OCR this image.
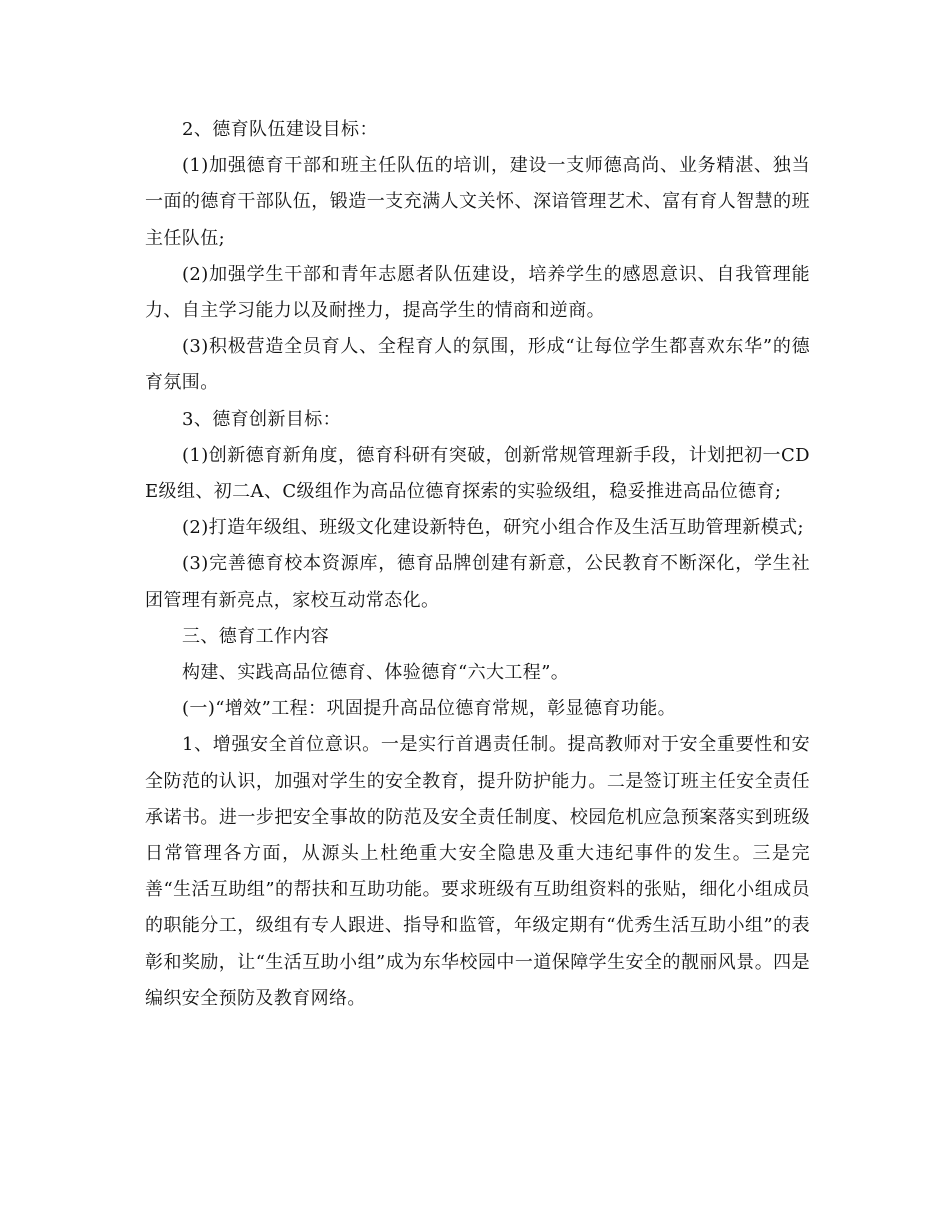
2、德育队伍建设目标：

(1)加强德育干部和班主任队伍的培训，建设一支师德高尚、业务精湛、独当一面的德育干部队伍，锻造一支充满人文关怀、深谙管理艺术、富有育人智慧的班主任队伍;

(2)加强学生干部和青年志愿者队伍建设，培养学生的感恩意识、自我管理能力、自主学习能力以及耐挫力，提高学生的情商和逆商。

(3)积极营造全员育人、全程育人的氛围，形成“让每位学生都喜欢东华”的德育氛围。

3、德育创新目标：

(1)创新德育新角度，德育科研有突破，创新常规管理新手段，计划把初一CDE级组、初二A、C级组作为高品位德育探索的实验级组，稳妥推进高品位德育;

(2)打造年级组、班级文化建设新特色，研究小组合作及生活互助管理新模式;

(3)完善德育校本资源库，德育品牌创建有新意，公民教育不断深化，学生社团管理有新亮点，家校互动常态化。

三、德育工作内容

构建、实践高品位德育、体验德育“六大工程”。

(一)“增效”工程：巩固提升高品位德育常规，彰显德育功能。

1、增强安全首位意识。一是实行首遇责任制。提高教师对于安全重要性和安全防范的认识，加强对学生的安全教育，提升防护能力。二是签订班主任安全责任承诺书。进一步把安全事故的防范及安全责任制度、校园危机应急预案落实到班级日常管理各方面，从源头上杜绝重大安全隐患及重大违纪事件的发生。三是完善“生活互助组”的帮扶和互助功能。要求班级有互助组资料的张贴，细化小组成员的职能分工，级组有专人跟进、指导和监管，年级定期有“优秀生活互助小组”的表彰和奖励，让“生活互助小组”成为东华校园中一道保障学生安全的靓丽风景。四是编织安全预防及教育网络。
